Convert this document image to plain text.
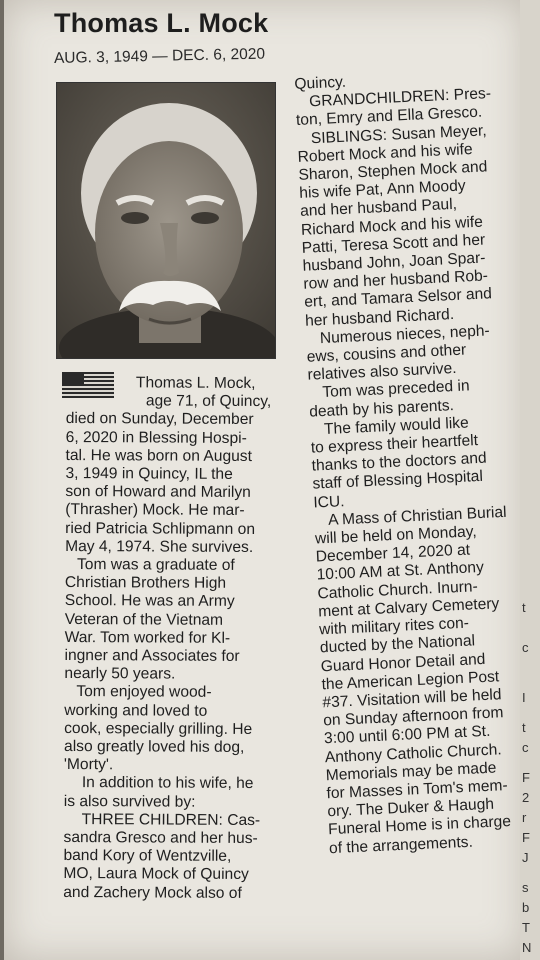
Thomas L. Mock
AUG. 3, 1949 — DEC. 6, 2020

Thomas L. Mock,

age 71, of Quincy,

died on Sunday, December

6, 2020 in Blessing Hospi-

tal. He was born on August

3, 1949 in Quincy, IL the

son of Howard and Marilyn

(Thrasher) Mock. He mar-

ried Patricia Schlipmann on

May 4, 1974. She survives.

Tom was a graduate of

Christian Brothers High

School. He was an Army

Veteran of the Vietnam

War. Tom worked for Kl-

ingner and Associates for

nearly 50 years.

Tom enjoyed wood-

working and loved to

cook, especially grilling. He

also greatly loved his dog,

'Morty'.

In addition to his wife, he

is also survived by:

THREE CHILDREN: Cas-

sandra Gresco and her hus-

band Kory of Wentzville,

MO, Laura Mock of Quincy

and Zachery Mock also of

Quincy.

GRANDCHILDREN: Pres-

ton, Emry and Ella Gresco.

SIBLINGS: Susan Meyer,

Robert Mock and his wife

Sharon, Stephen Mock and

his wife Pat, Ann Moody

and her husband Paul,

Richard Mock and his wife

Patti, Teresa Scott and her

husband John, Joan Spar-

row and her husband Rob-

ert, and Tamara Selsor and

her husband Richard.

Numerous nieces, neph-

ews, cousins and other

relatives also survive.

Tom was preceded in

death by his parents.

The family would like

to express their heartfelt

thanks to the doctors and

staff of Blessing Hospital

ICU.

A Mass of Christian Burial

will be held on Monday,

December 14, 2020 at

10:00 AM at St. Anthony

Catholic Church. Inurn-

ment at Calvary Cemetery

with military rites con-

ducted by the National

Guard Honor Detail and

the American Legion Post

#37. Visitation will be held

on Sunday afternoon from

3:00 until 6:00 PM at St.

Anthony Catholic Church.

Memorials may be made

for Masses in Tom's mem-

ory. The Duker & Haugh

Funeral Home is in charge

of the arrangements.

t
c
I
t
c
F
2
r
F
J
s
b
T
N
